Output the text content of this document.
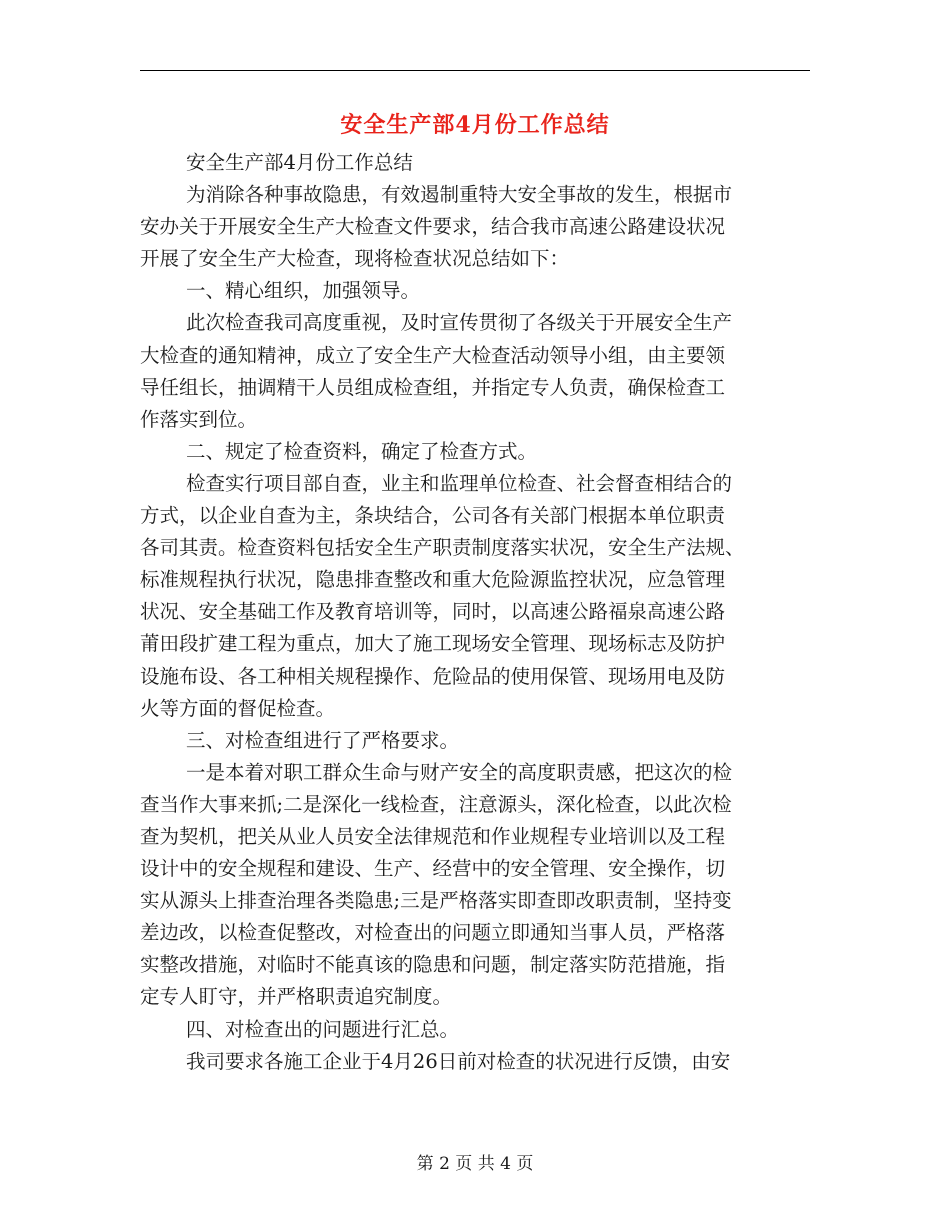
安全生产部4月份工作总结
安全生产部4月份工作总结
为消除各种事故隐患，有效遏制重特大安全事故的发生，根据市
安办关于开展安全生产大检查文件要求，结合我市高速公路建设状况
开展了安全生产大检查，现将检查状况总结如下：
一、精心组织，加强领导。
此次检查我司高度重视，及时宣传贯彻了各级关于开展安全生产
大检查的通知精神，成立了安全生产大检查活动领导小组，由主要领
导任组长，抽调精干人员组成检查组，并指定专人负责，确保检查工
作落实到位。
二、规定了检查资料，确定了检查方式。
检查实行项目部自查，业主和监理单位检查、社会督查相结合的
方式，以企业自查为主，条块结合，公司各有关部门根据本单位职责
各司其责。检查资料包括安全生产职责制度落实状况，安全生产法规、
标准规程执行状况，隐患排查整改和重大危险源监控状况，应急管理
状况、安全基础工作及教育培训等，同时，以高速公路福泉高速公路
莆田段扩建工程为重点，加大了施工现场安全管理、现场标志及防护
设施布设、各工种相关规程操作、危险品的使用保管、现场用电及防
火等方面的督促检查。
三、对检查组进行了严格要求。
一是本着对职工群众生命与财产安全的高度职责感，把这次的检
查当作大事来抓;二是深化一线检查，注意源头，深化检查，以此次检
查为契机，把关从业人员安全法律规范和作业规程专业培训以及工程
设计中的安全规程和建设、生产、经营中的安全管理、安全操作，切
实从源头上排查治理各类隐患;三是严格落实即查即改职责制，坚持变
差边改，以检查促整改，对检查出的问题立即通知当事人员，严格落
实整改措施，对临时不能真该的隐患和问题，制定落实防范措施，指
定专人盯守，并严格职责追究制度。
四、对检查出的问题进行汇总。
我司要求各施工企业于4月26日前对检查的状况进行反馈，由安
第 2 页 共 4 页
